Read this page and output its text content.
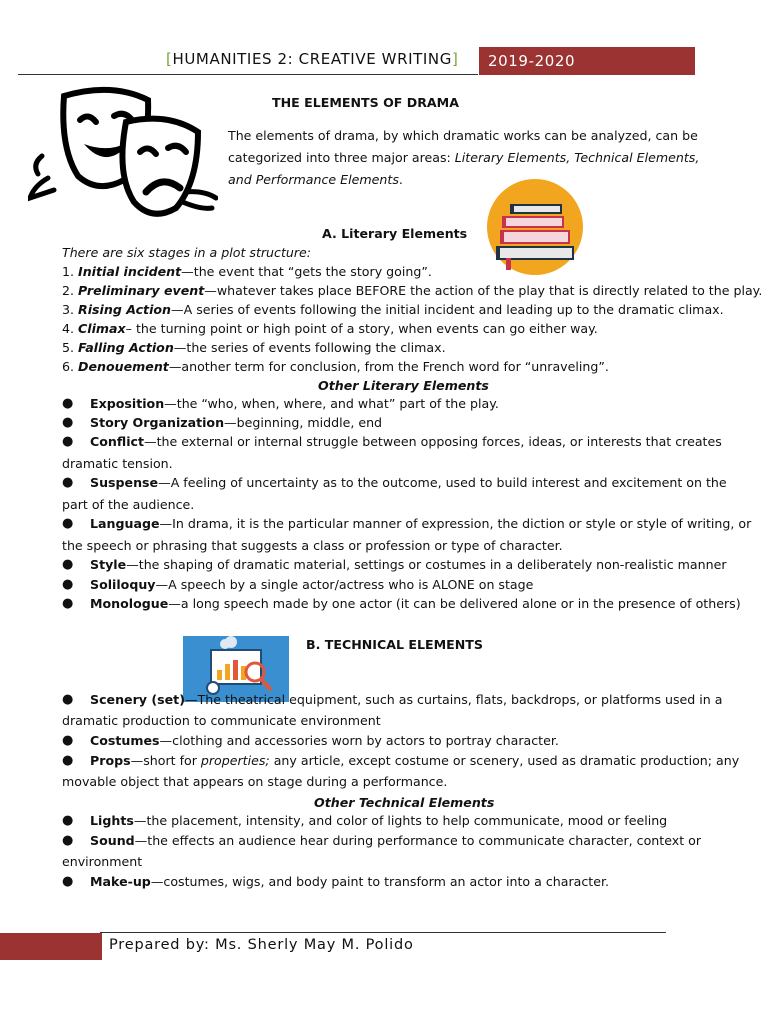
[HUMANITIES 2: CREATIVE WRITING]	2019-2020
THE ELEMENTS OF DRAMA
The elements of drama, by which dramatic works can be analyzed, can be categorized into three major areas: Literary Elements, Technical Elements, and Performance Elements.
A. Literary Elements
There are six stages in a plot structure:
1. Initial incident—the event that “gets the story going”.
2. Preliminary event—whatever takes place BEFORE the action of the play that is directly related to the play.
3. Rising Action—A series of events following the initial incident and leading up to the dramatic climax.
4. Climax– the turning point or high point of a story, when events can go either way.
5. Falling Action—the series of events following the climax.
6. Denouement—another term for conclusion, from the French word for “unraveling”.
Other Literary Elements
● Exposition—the “who, when, where, and what” part of the play.
● Story Organization—beginning, middle, end
● Conflict—the external or internal struggle between opposing forces, ideas, or interests that creates
dramatic tension.
● Suspense—A feeling of uncertainty as to the outcome, used to build interest and excitement on the
part of the audience.
● Language—In drama, it is the particular manner of expression, the diction or style or style of writing, or
the speech or phrasing that suggests a class or profession or type of character.
● Style—the shaping of dramatic material, settings or costumes in a deliberately non-realistic manner
● Soliloquy—A speech by a single actor/actress who is ALONE on stage
● Monologue—a long speech made by one actor (it can be delivered alone or in the presence of others)
B. TECHNICAL ELEMENTS
● Scenery (set)—The theatrical equipment, such as curtains, flats, backdrops, or platforms used in a
dramatic production to communicate environment
● Costumes—clothing and accessories worn by actors to portray character.
● Props—short for properties; any article, except costume or scenery, used as dramatic production; any
movable object that appears on stage during a performance.
Other Technical Elements
● Lights—the placement, intensity, and color of lights to help communicate, mood or feeling
● Sound—the effects an audience hear during performance to communicate character, context or
environment
● Make-up—costumes, wigs, and body paint to transform an actor into a character.
Prepared by: Ms. Sherly May M. Polido
